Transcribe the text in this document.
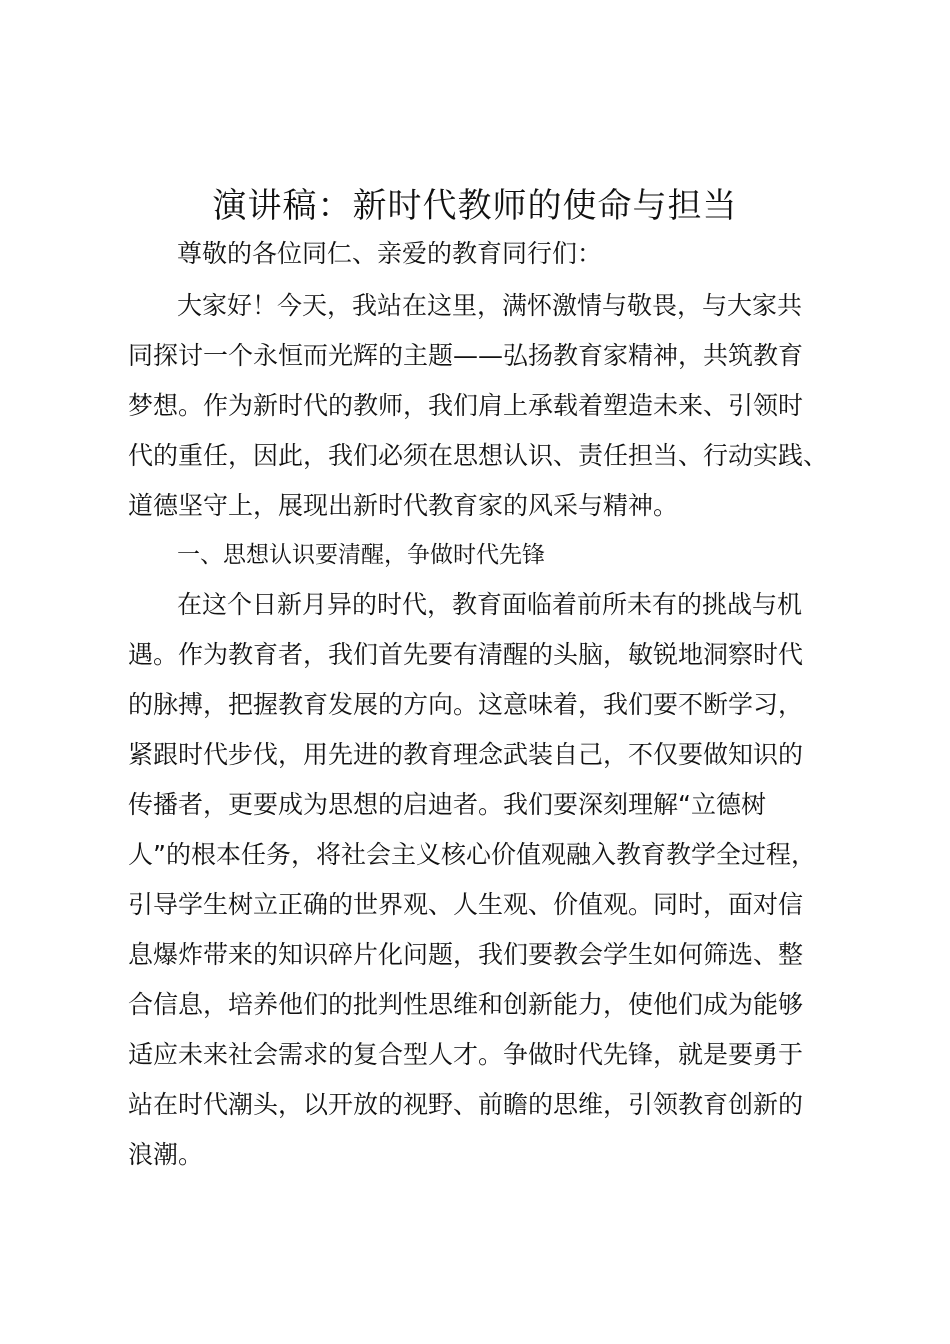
演讲稿：新时代教师的使命与担当
尊敬的各位同仁、亲爱的教育同行们：
大家好！今天，我站在这里，满怀激情与敬畏，与大家共
同探讨一个永恒而光辉的主题——弘扬教育家精神，共筑教育
梦想。作为新时代的教师，我们肩上承载着塑造未来、引领时
代的重任，因此，我们必须在思想认识、责任担当、行动实践、
道德坚守上，展现出新时代教育家的风采与精神。
一、思想认识要清醒，争做时代先锋
在这个日新月异的时代，教育面临着前所未有的挑战与机
遇。作为教育者，我们首先要有清醒的头脑，敏锐地洞察时代
的脉搏，把握教育发展的方向。这意味着，我们要不断学习，
紧跟时代步伐，用先进的教育理念武装自己，不仅要做知识的
传播者，更要成为思想的启迪者。我们要深刻理解“立德树
人”的根本任务，将社会主义核心价值观融入教育教学全过程，
引导学生树立正确的世界观、人生观、价值观。同时，面对信
息爆炸带来的知识碎片化问题，我们要教会学生如何筛选、整
合信息，培养他们的批判性思维和创新能力，使他们成为能够
适应未来社会需求的复合型人才。争做时代先锋，就是要勇于
站在时代潮头，以开放的视野、前瞻的思维，引领教育创新的
浪潮。
